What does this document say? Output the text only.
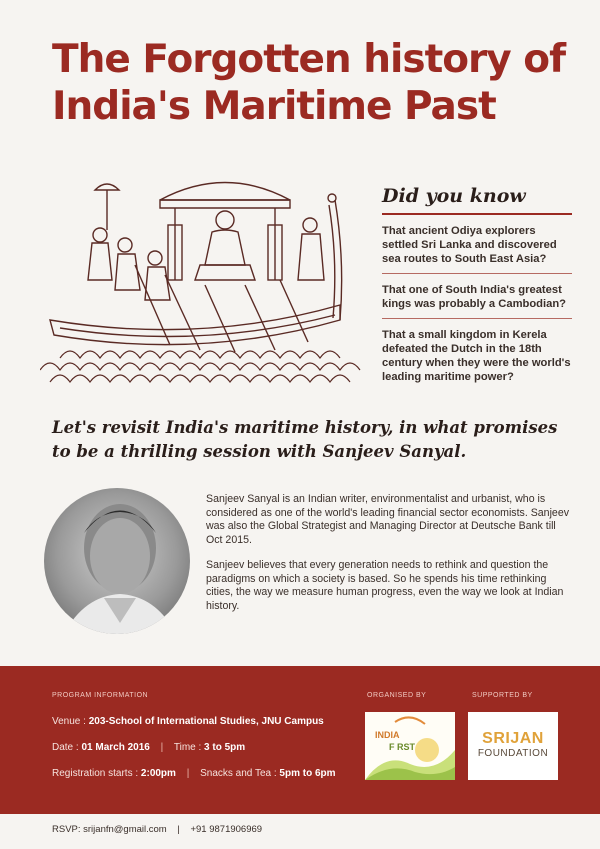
The Forgotten history of India's Maritime Past
Did you know
That ancient Odiya explorers settled Sri Lanka and discovered sea routes to South East Asia?
That one of South India's greatest kings was probably a Cambodian?
That a small kingdom in Kerela defeated the Dutch in the 18th century when they were the world's leading maritime power?
Let's revisit India's maritime history, in what promises to be a thrilling session with Sanjeev Sanyal.

Sanjeev Sanyal is an Indian writer, environmentalist and urbanist, who is considered as one of the world's leading financial sector economists. Sanjeev was also the Global Strategist and Managing Director at Deutsche Bank till Oct 2015.

Sanjeev believes that every generation needs to rethink and question the paradigms on which a society is based. So he spends his time rethinking cities, the way we measure human progress, even the way we look at Indian history.

PROGRAM INFORMATION
Venue : 203-School of International Studies, JNU Campus
Date : 01 March 2016 | Time : 3 to 5pm
Registration starts : 2:00pm | Snacks and Tea : 5pm to 6pm
ORGANISED BY	SUPPORTED BY
INDIA
F RST	SRIJAN
FOUNDATION
RSVP: srijanfn@gmail.com | +91 9871906969
